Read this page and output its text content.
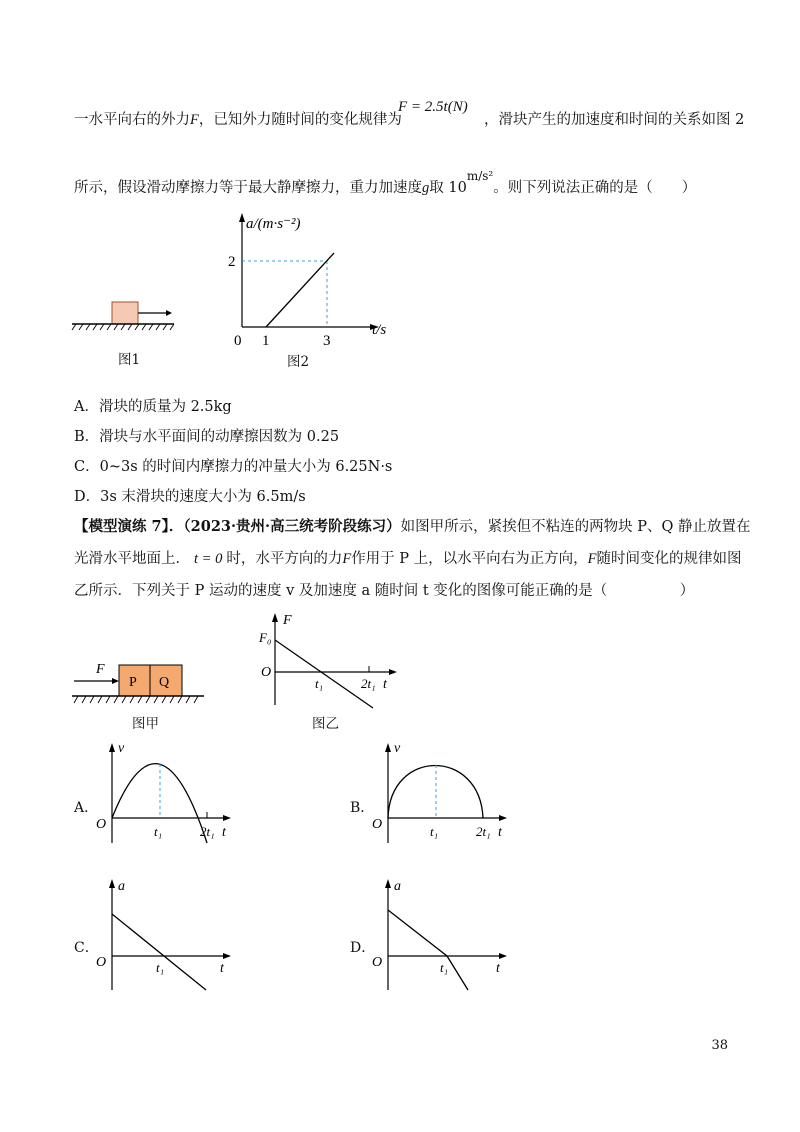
一水平向右的外力F，已知外力随时间的变化规律为
F = 2.5t(N)
，滑块产生的加速度和时间的关系如图 2
所示，假设滑动摩擦力等于最大静摩擦力，重力加速度g取 $10^{m/s^2}$。则下列说法正确的是（　　）
图1
a/(m·s⁻²)
t/s
2
0 1	3
图2
A．滑块的质量为 2.5kg
B．滑块与水平面间的动摩擦因数为 0.25
C．0~3s 的时间内摩擦力的冲量大小为 6.25N·s
D．3s 末滑块的速度大小为 6.5m/s
【模型演练 7】．（2023·贵州·高三统考阶段练习）如图甲所示，紧挨但不粘连的两物块 P、Q 静止放置在
光滑水平地面上． t = 0 时，水平方向的力F作用于 P 上，以水平向右为正方向，F随时间变化的规律如图
乙所示．下列关于 P 运动的速度 v 及加速度 a 随时间 t 变化的图像可能正确的是（　　　　　）
F
P Q
图甲
F
F₀
O
t₁	2t₁ t
图乙
A．
v
O	t₁	2t₁ t
B．
v
O	t₁	2t₁ t
C．
a
O	t₁	t
D．
a
O	t₁	t
38
